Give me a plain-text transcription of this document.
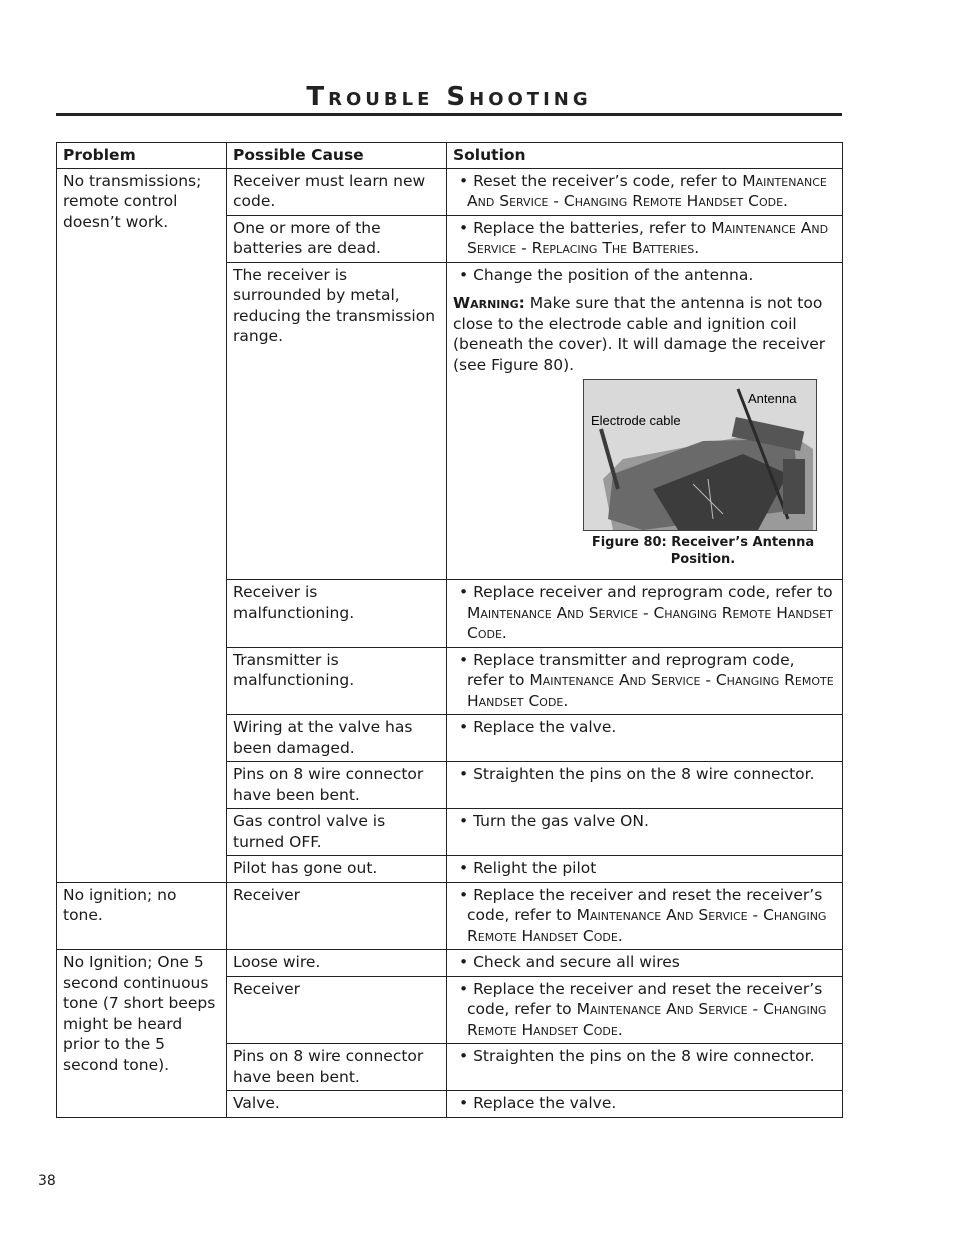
Trouble Shooting
Problem	Possible Cause	Solution
No transmissions; remote control doesn’t work.	Receiver must learn new code.	• Reset the receiver’s code, refer to Maintenance And Service - Changing Remote Handset Code.

	One or more of the batteries are dead.	• Replace the batteries, refer to Maintenance And Service - Replacing The Batteries.

	The receiver is surrounded by metal, reducing the transmission range.	• Change the position of the antenna.

Warning: Make sure that the antenna is not too close to the electrode cable and ignition coil (beneath the cover). It will damage the receiver (see Figure 80).

Electrode cable
Antenna
Figure 80: Receiver’s Antenna Position.

	Receiver is malfunctioning.	• Replace receiver and reprogram code, refer to Maintenance And Service - Changing Remote Handset Code.

	Transmitter is malfunctioning.	• Replace transmitter and reprogram code, refer to Maintenance And Service - Changing Remote Handset Code.

	Wiring at the valve has been damaged.	• Replace the valve.

	Pins on 8 wire connector have been bent.	• Straighten the pins on the 8 wire connector.

	Gas control valve is turned OFF.	• Turn the gas valve ON.

	Pilot has gone out.	• Relight the pilot

No ignition; no tone.	Receiver	• Replace the receiver and reset the receiver’s code, refer to Maintenance And Service - Changing Remote Handset Code.

No Ignition; One 5 second continuous tone (7 short beeps might be heard prior to the 5 second tone).	Loose wire.	• Check and secure all wires

	Receiver	• Replace the receiver and reset the receiver’s code, refer to Maintenance And Service - Changing Remote Handset Code.

	Pins on 8 wire connector have been bent.	• Straighten the pins on the 8 wire connector.

	Valve.	• Replace the valve.
38
